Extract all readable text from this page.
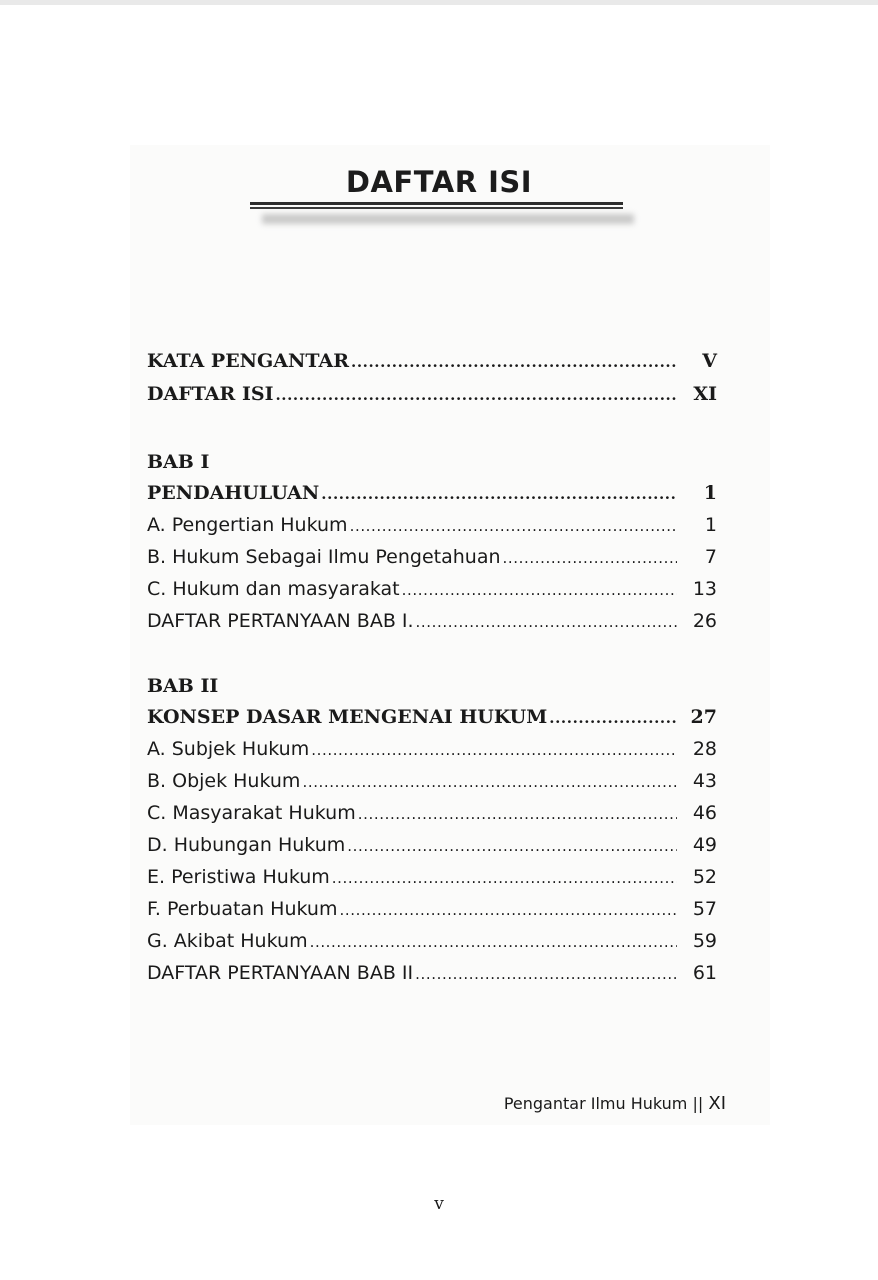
DAFTAR ISI
KATA PENGANTAR .....	V
DAFTAR ISI .....	XI
BAB I
PENDAHULUAN .....	1
A. Pengertian Hukum .....	1
B. Hukum Sebagai Ilmu Pengetahuan .....	7
C. Hukum dan masyarakat .....	13
DAFTAR PERTANYAAN BAB I. .....	26
BAB II
KONSEP DASAR MENGENAI HUKUM .....	27
A. Subjek Hukum .....	28
B. Objek Hukum .....	43
C. Masyarakat Hukum .....	46
D. Hubungan Hukum .....	49
E. Peristiwa Hukum .....	52
F. Perbuatan Hukum .....	57
G. Akibat Hukum .....	59
DAFTAR PERTANYAAN BAB II .....	61
Pengantar Ilmu Hukum || XI
v
